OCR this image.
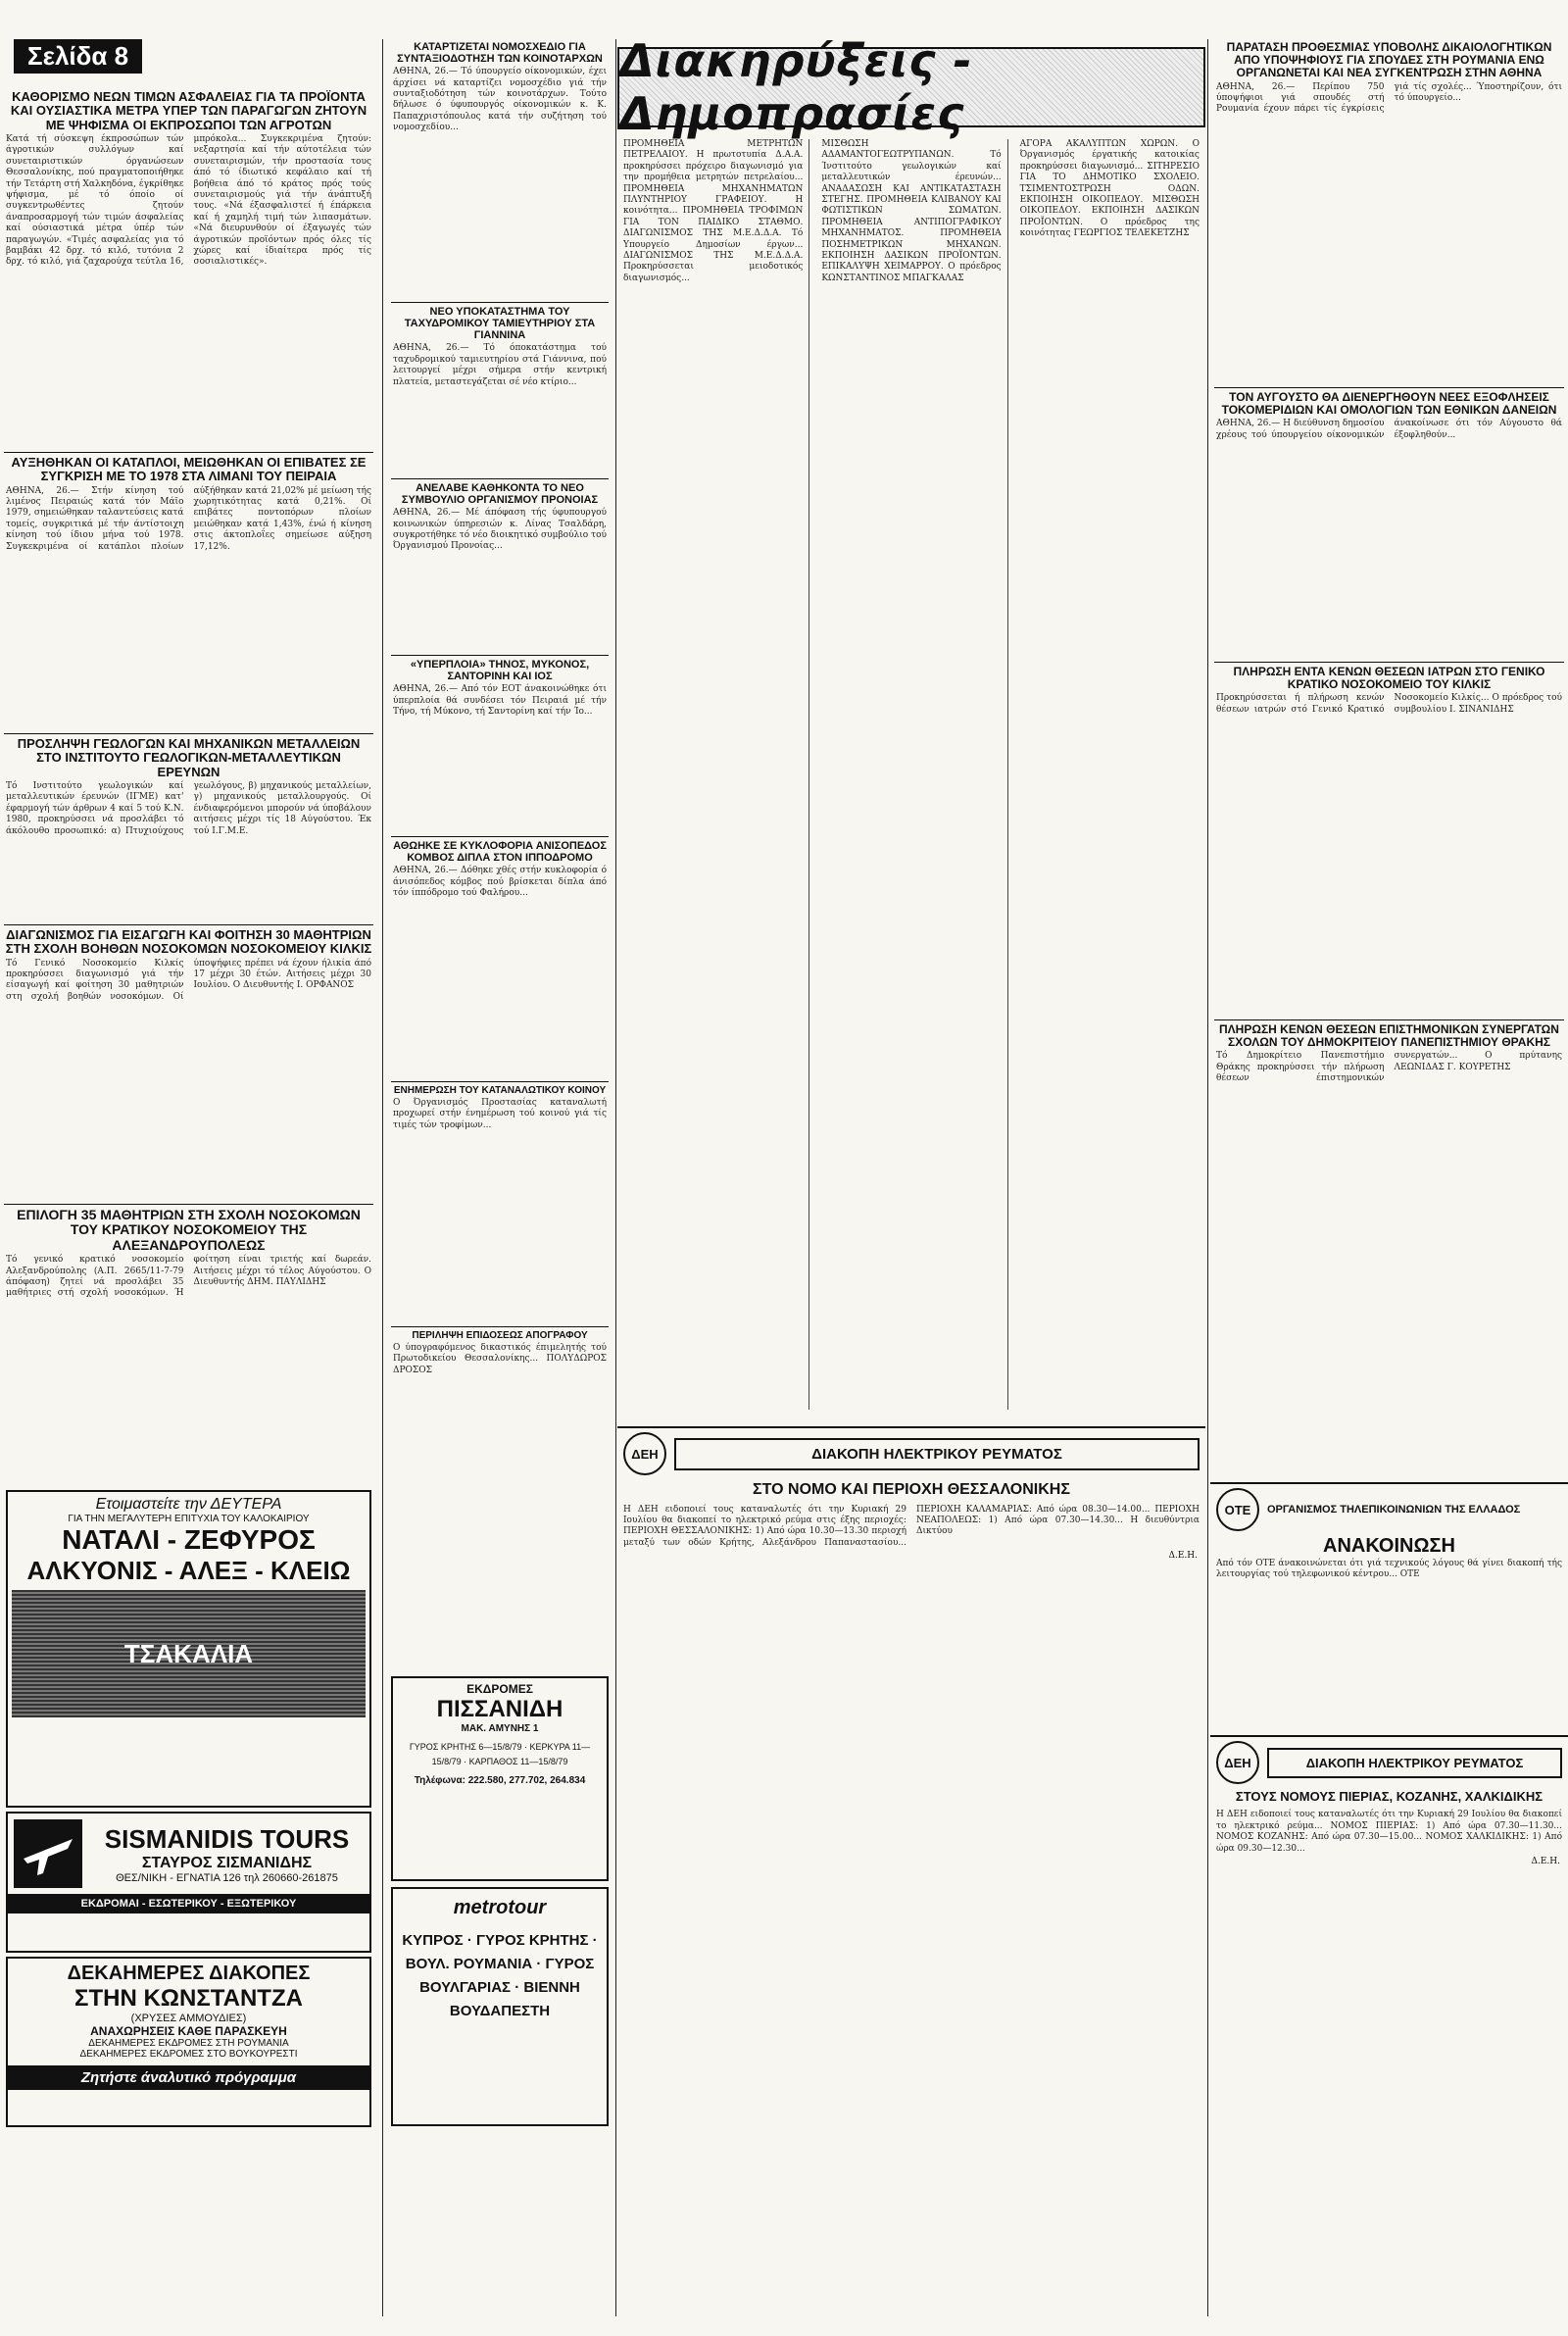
Σελίδα 8
ΚΑΘΟΡΙΣΜΟ ΝΕΩΝ ΤΙΜΩΝ ΑΣΦΑΛΕΙΑΣ ΓΙΑ ΤΑ ΠΡΟΪΟΝΤΑ ΚΑΙ ΟΥΣΙΑΣΤΙΚΑ ΜΕΤΡΑ ΥΠΕΡ ΤΩΝ ΠΑΡΑΓΩΓΩΝ ΖΗΤΟΥΝ ΜΕ ΨΗΦΙΣΜΑ ΟΙ ΕΚΠΡΟΣΩΠΟΙ ΤΩΝ ΑΓΡΟΤΩΝ
Κατά τή σύσκεψη έκπροσώπων τών άγροτικών συλλόγων καί συνεταιριστικών όργανώσεων Θεσσαλονίκης, πού πραγματοποιήθηκε τήν Τετάρτη στή Χαλκηδόνα, έγκρίθηκε ψήφισμα, μέ τό όποίο οί συγκεντρωθέντες ζητούν άναπροσαρμογή τών τιμών άσφαλείας καί ούσιαστικά μέτρα ύπέρ τών παραγωγών. «Τιμές ασφαλείας για τό βαμβάκι 42 δρχ. τό κιλό, τυτόνια 2 δρχ. τό κιλό, γιά ζαχαρούχα τεύτλα 16, μπρόκολα... Συγκεκριμένα ζητούν: νεξαρτησία καί τήν αύτοτέλεια τών συνεταιρισμών, τήν προστασία τους άπό τό ίδιωτικό κεφάλαιο καί τή βοήθεια άπό τό κράτος πρός τούς συνεταιρισμούς γιά τήν άνάπτυξή τους. «Νά έξασφαλιστεί ή έπάρκεια καί ή χαμηλή τιμή τών λιπασμάτων. «Νά διευρυνθούν οί έξαγωγές τών άγροτικών προϊόντων πρός όλες τίς χώρες καί ίδιαίτερα πρός τίς σοσιαλιστικές».
ΑΥΞΗΘΗΚΑΝ ΟΙ ΚΑΤΑΠΛΟΙ, ΜΕΙΩΘΗΚΑΝ ΟΙ ΕΠΙΒΑΤΕΣ ΣΕ ΣΥΓΚΡΙΣΗ ΜΕ ΤΟ 1978 ΣΤΑ ΛΙΜΑΝΙ ΤΟΥ ΠΕΙΡΑΙΑ
ΑΘΗΝΑ, 26.— Στήν κίνηση τού λιμένος Πειραιώς κατά τόν Μάϊο 1979, σημειώθηκαν ταλαντεύσεις κατά τομείς, συγκριτικά μέ τήν άντίστοιχη κίνηση τού ίδιου μήνα τού 1978. Συγκεκριμένα οί κατάπλοι πλοίων αύξήθηκαν κατά 21,02% μέ μείωση τής χωρητικότητας κατά 0,21%. Οί επιβάτες ποντοπόρων πλοίων μειώθηκαν κατά 1,43%, ένώ ή κίνηση στις άκτοπλοΐες σημείωσε αύξηση 17,12%.
ΠΡΟΣΛΗΨΗ ΓΕΩΛΟΓΩΝ ΚΑΙ ΜΗΧΑΝΙΚΩΝ ΜΕΤΑΛΛΕΙΩΝ ΣΤΟ ΙΝΣΤΙΤΟΥΤΟ ΓΕΩΛΟΓΙΚΩΝ-ΜΕΤΑΛΛΕΥΤΙΚΩΝ ΕΡΕΥΝΩΝ
Τό Ινστιτούτο γεωλογικών καί μεταλλευτικών έρευνών (ΙΓΜΕ) κατ' έφαρμογή τών άρθρων 4 καί 5 τού Κ.Ν. 1980, προκηρύσσει νά προσλάβει τό άκόλουθο προσωπικό: α) Πτυχιούχους γεωλόγους, β) μηχανικούς μεταλλείων, γ) μηχανικούς μεταλλουργούς. Οί ένδιαφερόμενοι μπορούν νά ύποβάλουν αιτήσεις μέχρι τίς 18 Αύγούστου. Έκ τού Ι.Γ.Μ.Ε.
ΔΙΑΓΩΝΙΣΜΟΣ ΓΙΑ ΕΙΣΑΓΩΓΗ ΚΑΙ ΦΟΙΤΗΣΗ 30 ΜΑΘΗΤΡΙΩΝ ΣΤΗ ΣΧΟΛΗ ΒΟΗΘΩΝ ΝΟΣΟΚΟΜΩΝ ΝΟΣΟΚΟΜΕΙΟΥ ΚΙΛΚΙΣ
Τό Γενικό Νοσοκομείο Κιλκίς προκηρύσσει διαγωνισμό γιά τήν είσαγωγή καί φοίτηση 30 μαθητριών στη σχολή βοηθών νοσοκόμων. Οί ύποψήφιες πρέπει νά έχουν ήλικία άπό 17 μέχρι 30 έτών. Αιτήσεις μέχρι 30 Ιουλίου. Ο Διευθυντής Ι. ΟΡΦΑΝΟΣ
ΕΠΙΛΟΓΗ 35 ΜΑΘΗΤΡΙΩΝ ΣΤΗ ΣΧΟΛΗ ΝΟΣΟΚΟΜΩΝ ΤΟΥ ΚΡΑΤΙΚΟΥ ΝΟΣΟΚΟΜΕΙΟΥ ΤΗΣ ΑΛΕΞΑΝΔΡΟΥΠΟΛΕΩΣ
Τό γενικό κρατικό νοσοκομείο Αλεξανδρούπολης (Α.Π. 2665/11-7-79 άπόφαση) ζητεί νά προσλάβει 35 μαθήτριες στή σχολή νοσοκόμων. Ή φοίτηση είναι τριετής καί δωρεάν. Αιτήσεις μέχρι τό τέλος Αύγούστου. Ο Διευθυντής ΔΗΜ. ΠΑΥΛΙΔΗΣ
Ετοιμαστείτε την ΔΕΥΤΕΡΑ
ΓΙΑ ΤΗΝ ΜΕΓΑΛΥΤΕΡΗ ΕΠΙΤΥΧΙΑ ΤΟΥ ΚΑΛΟΚΑΙΡΙΟΥ
ΝΑΤΑΛΙ - ΖΕΦΥΡΟΣ
ΑΛΚΥΟΝΙΣ - ΑΛΕΞ - ΚΛΕΙΩ
ΤΣΑΚΑΛΙΑ
SISMANIDIS TOURS
ΣΤΑΥΡΟΣ ΣΙΣΜΑΝΙΔΗΣ
ΘΕΣ/ΝΙΚΗ - ΕΓΝΑΤΙΑ 126 τηλ 260660-261875
ΕΚΔΡΟΜΑΙ - ΕΣΩΤΕΡΙΚΟΥ - ΕΞΩΤΕΡΙΚΟΥ
ΔΕΚΑΗΜΕΡΕΣ ΔΙΑΚΟΠΕΣ
ΣΤΗΝ ΚΩΝΣΤΑΝΤΖΑ
(ΧΡΥΣΕΣ ΑΜΜΟΥΔΙΕΣ)
ΑΝΑΧΩΡΗΣΕΙΣ ΚΑΘΕ ΠΑΡΑΣΚΕΥΗ
ΔΕΚΑΗΜΕΡΕΣ ΕΚΔΡΟΜΕΣ ΣΤΗ ΡΟΥΜΑΝΙΑ
ΔΕΚΑΗΜΕΡΕΣ ΕΚΔΡΟΜΕΣ ΣΤΟ ΒΟΥΚΟΥΡΕΣΤΙ
Ζητήστε άναλυτικό πρόγραμμα
ΚΑΤΑΡΤΙΖΕΤΑΙ ΝΟΜΟΣΧΕΔΙΟ ΓΙΑ ΣΥΝΤΑΞΙΟΔΟΤΗΣΗ ΤΩΝ ΚΟΙΝΟΤΑΡΧΩΝ
ΑΘΗΝΑ, 26.— Τό ύπουργείο οίκονομικών, έχει άρχίσει νά καταρτίζει νομοσχέδιο γιά τήν συνταξιοδότηση τών κοινοτάρχων. Τούτο δήλωσε ό ύφυπουργός οίκονομικών κ. Κ. Παπαχριστόπουλος κατά τήν συζήτηση τού νομοσχεδίου...
ΝΕΟ ΥΠΟΚΑΤΑΣΤΗΜΑ ΤΟΥ ΤΑΧΥΔΡΟΜΙΚΟΥ ΤΑΜΙΕΥΤΗΡΙΟΥ ΣΤΑ ΓΙΑΝΝΙΝΑ
ΑΘΗΝΑ, 26.— Τό όποκατάστημα τού ταχυδρομικού ταμιευτηρίου στά Γιάννινα, πού λειτουργεί μέχρι σήμερα στήν κεντρική πλατεία, μεταστεγάζεται σέ νέο κτίριο...
ΑΝΕΛΑΒΕ ΚΑΘΗΚΟΝΤΑ ΤΟ ΝΕΟ ΣΥΜΒΟΥΛΙΟ ΟΡΓΑΝΙΣΜΟΥ ΠΡΟΝΟΙΑΣ
ΑΘΗΝΑ, 26.— Μέ άπόφαση τής ύφυπουργού κοινωνικών ύπηρεσιών κ. Λίνας Τσαλδάρη, συγκροτήθηκε τό νέο διοικητικό συμβούλιο τού Όργανισμού Προνοίας...
«ΥΠΕΡΠΛΟΙΑ» ΤΗΝΟΣ, ΜΥΚΟΝΟΣ, ΣΑΝΤΟΡΙΝΗ ΚΑΙ ΙΟΣ
ΑΘΗΝΑ, 26.— Από τόν ΕΟΤ άνακοινώθηκε ότι ύπερπλοία θά συνδέσει τόν Πειραιά μέ τήν Τήνο, τή Μύκονο, τή Σαντορίνη καί τήν Ίο...
ΑΘΩΗΚΕ ΣΕ ΚΥΚΛΟΦΟΡΙΑ ΑΝΙΣΟΠΕΔΟΣ ΚΟΜΒΟΣ ΔΙΠΛΑ ΣΤΟΝ ΙΠΠΟΔΡΟΜΟ
ΑΘΗΝΑ, 26.— Δόθηκε χθές στήν κυκλοφορία ό άνισόπεδος κόμβος πού βρίσκεται δίπλα άπό τόν ίππόδρομο τού Φαλήρου...
ΕΝΗΜΕΡΩΣΗ ΤΟΥ ΚΑΤΑΝΑΛΩΤΙΚΟΥ ΚΟΙΝΟΥ
Ο Όργανισμός Προστασίας καταναλωτή προχωρεί στήν ένημέρωση τού κοινού γιά τίς τιμές τών τροφίμων...
ΠΕΡΙΛΗΨΗ ΕΠΙΔΟΣΕΩΣ ΑΠΟΓΡΑΦΟΥ
Ο ύπογραφόμενος δικαστικός έπιμελητής τού Πρωτοδικείου Θεσσαλονίκης... ΠΟΛΥΔΩΡΟΣ ΔΡΟΣΟΣ
ΕΚΔΡΟΜΕΣ
ΠΙΣΣΑΝΙΔΗ
ΜΑΚ. ΑΜΥΝΗΣ 1
ΓΥΡΟΣ ΚΡΗΤΗΣ 6—15/8/79 · ΚΕΡΚΥΡΑ 11—15/8/79 · ΚΑΡΠΑΘΟΣ 11—15/8/79
Τηλέφωνα: 222.580, 277.702, 264.834
metrotour
ΚΥΠΡΟΣ · ΓΥΡΟΣ ΚΡΗΤΗΣ · ΒΟΥΛ. ΡΟΥΜΑΝΙΑ · ΓΥΡΟΣ ΒΟΥΛΓΑΡΙΑΣ · ΒΙΕΝΝΗ ΒΟΥΔΑΠΕΣΤΗ
Διακηρύξεις - Δημοπρασίες
ΠΡΟΜΗΘΕΙΑ ΜΕΤΡΗΤΩΝ ΠΕΤΡΕΛΑΙΟΥ. Η πρωτοτυπία Δ.Α.Α. προκηρύσσει πρόχειρο διαγωνισμό για την προμήθεια μετρητών πετρελαίου... ΠΡΟΜΗΘΕΙΑ ΜΗΧΑΝΗΜΑΤΩΝ ΠΛΥΝΤΗΡΙΟΥ ΓΡΑΦΕΙΟΥ. Η κοινότητα... ΠΡΟΜΗΘΕΙΑ ΤΡΟΦΙΜΩΝ ΓΙΑ ΤΟΝ ΠΑΙΔΙΚΟ ΣΤΑΘΜΟ. ΔΙΑΓΩΝΙΣΜΟΣ ΤΗΣ Μ.Ε.Δ.Δ.Α. Τό Υπουργείο Δημοσίων έργων... ΔΙΑΓΩΝΙΣΜΟΣ ΤΗΣ Μ.Ε.Δ.Δ.Α. Προκηρύσσεται μειοδοτικός διαγωνισμός...
ΜΙΣΘΩΣΗ ΑΔΑΜΑΝΤΟΓΕΩΤΡΥΠΑΝΩΝ. Τό Ίνστιτούτο γεωλογικών καί μεταλλευτικών έρευνών... ΑΝΑΔΑΣΩΣΗ ΚΑΙ ΑΝΤΙΚΑΤΑΣΤΑΣΗ ΣΤΕΓΗΣ. ΠΡΟΜΗΘΕΙΑ ΚΛΙΒΑΝΟΥ ΚΑΙ ΦΩΤΙΣΤΙΚΩΝ ΣΩΜΑΤΩΝ. ΠΡΟΜΗΘΕΙΑ ΑΝΤΙΠΟΓΡΑΦΙΚΟΥ ΜΗΧΑΝΗΜΑΤΟΣ. ΠΡΟΜΗΘΕΙΑ ΠΟΣΗΜΕΤΡΙΚΩΝ ΜΗΧΑΝΩΝ. ΕΚΠΟΙΗΣΗ ΔΑΣΙΚΩΝ ΠΡΟΪΟΝΤΩΝ. ΕΠΙΚΑΛΥΨΗ ΧΕΙΜΑΡΡΟΥ. Ο πρόεδρος ΚΩΝΣΤΑΝΤΙΝΟΣ ΜΠΑΓΚΑΛΑΣ
ΑΓΟΡΑ ΑΚΑΛΥΠΤΩΝ ΧΩΡΩΝ. Ο Όργανισμός έργατικής κατοικίας προκηρύσσει διαγωνισμό... ΣΙΤΗΡΕΣΙΟ ΓΙΑ ΤΟ ΔΗΜΟΤΙΚΟ ΣΧΟΛΕΙΟ. ΤΣΙΜΕΝΤΟΣΤΡΩΣΗ ΟΔΩΝ. ΕΚΠΟΙΗΣΗ ΟΙΚΟΠΕΔΟΥ. ΜΙΣΘΩΣΗ ΟΙΚΟΠΕΔΟΥ. ΕΚΠΟΙΗΣΗ ΔΑΣΙΚΩΝ ΠΡΟΪΟΝΤΩΝ. Ο πρόεδρος της κοινότητας ΓΕΩΡΓΙΟΣ ΤΕΛΕΚΕΤΖΗΣ
ΔΕΗ	ΔΙΑΚΟΠΗ ΗΛΕΚΤΡΙΚΟΥ ΡΕΥΜΑΤΟΣ
ΣΤΟ ΝΟΜΟ ΚΑΙ ΠΕΡΙΟΧΗ ΘΕΣΣΑΛΟΝΙΚΗΣ
Η ΔΕΗ ειδοποιεί τους καταναλωτές ότι την Κυριακή 29 Ιουλίου θα διακοπεί το ηλεκτρικό ρεύμα στις έξης περιοχές: ΠΕΡΙΟΧΗ ΘΕΣΣΑΛΟΝΙΚΗΣ: 1) Από ώρα 10.30—13.30 περιοχή μεταξύ των οδών Κρήτης, Αλεξάνδρου Παπαναστασίου... ΠΕΡΙΟΧΗ ΚΑΛΑΜΑΡΙΑΣ: Από ώρα 08.30—14.00... ΠΕΡΙΟΧΗ ΝΕΑΠΟΛΕΩΣ: 1) Από ώρα 07.30—14.30... Η διευθύντρια Δικτύου
Δ.Ε.Η.
ΠΑΡΑΤΑΣΗ ΠΡΟΘΕΣΜΙΑΣ ΥΠΟΒΟΛΗΣ ΔΙΚΑΙΟΛΟΓΗΤΙΚΩΝ ΑΠΟ ΥΠΟΨΗΦΙΟΥΣ ΓΙΑ ΣΠΟΥΔΕΣ ΣΤΗ ΡΟΥΜΑΝΙΑ ΕΝΩ ΟΡΓΑΝΩΝΕΤΑΙ ΚΑΙ ΝΕΑ ΣΥΓΚΕΝΤΡΩΣΗ ΣΤΗΝ ΑΘΗΝΑ
ΑΘΗΝΑ, 26.— Περίπου 750 ύποψήφιοι γιά σπουδές στή Ρουμανία έχουν πάρει τίς έγκρίσεις γιά τίς σχολές... Ύποστηρίζουν, ότι τό ύπουργείο...
ΤΟΝ ΑΥΓΟΥΣΤΟ ΘΑ ΔΙΕΝΕΡΓΗΘΟΥΝ ΝΕΕΣ ΕΞΟΦΛΗΣΕΙΣ ΤΟΚΟΜΕΡΙΔΙΩΝ ΚΑΙ ΟΜΟΛΟΓΙΩΝ ΤΩΝ ΕΘΝΙΚΩΝ ΔΑΝΕΙΩΝ
ΑΘΗΝΑ, 26.— Η διεύθυνση δημοσίου χρέους τού ύπουργείου οίκονομικών άνακοίνωσε ότι τόν Αύγουστο θά έξοφληθούν...
ΠΛΗΡΩΣΗ ΕΝΤΑ ΚΕΝΩΝ ΘΕΣΕΩΝ ΙΑΤΡΩΝ ΣΤΟ ΓΕΝΙΚΟ ΚΡΑΤΙΚΟ ΝΟΣΟΚΟΜΕΙΟ ΤΟΥ ΚΙΛΚΙΣ
Προκηρύσσεται ή πλήρωση κενών θέσεων ιατρών στό Γενικό Κρατικό Νοσοκομείο Κιλκίς... Ο πρόεδρος τού συμβουλίου Ι. ΣΙΝΑΝΙΔΗΣ
ΠΛΗΡΩΣΗ ΚΕΝΩΝ ΘΕΣΕΩΝ ΕΠΙΣΤΗΜΟΝΙΚΩΝ ΣΥΝΕΡΓΑΤΩΝ ΣΧΟΛΩΝ ΤΟΥ ΔΗΜΟΚΡΙΤΕΙΟΥ ΠΑΝΕΠΙΣΤΗΜΙΟΥ ΘΡΑΚΗΣ
Τό Δημοκρίτειο Πανεπιστήμιο Θράκης προκηρύσσει τήν πλήρωση θέσεων έπιστημονικών συνεργατών... Ο πρύτανης ΛΕΩΝΙΔΑΣ Γ. ΚΟΥΡΕΤΗΣ
ΟΤΕ	ΟΡΓΑΝΙΣΜΟΣ ΤΗΛΕΠΙΚΟΙΝΩΝΙΩΝ ΤΗΣ ΕΛΛΑΔΟΣ
ΑΝΑΚΟΙΝΩΣΗ
Από τόν ΟΤΕ άνακοινώνεται ότι γιά τεχνικούς λόγους θά γίνει διακοπή τής λειτουργίας τού τηλεφωνικού κέντρου... ΟΤΕ
ΔΕΗ	ΔΙΑΚΟΠΗ ΗΛΕΚΤΡΙΚΟΥ ΡΕΥΜΑΤΟΣ
ΣΤΟΥΣ ΝΟΜΟΥΣ ΠΙΕΡΙΑΣ, ΚΟΖΑΝΗΣ, ΧΑΛΚΙΔΙΚΗΣ
Η ΔΕΗ ειδοποιεί τους καταναλωτές ότι την Κυριακή 29 Ιουλίου θα διακοπεί το ηλεκτρικό ρεύμα... ΝΟΜΟΣ ΠΙΕΡΙΑΣ: 1) Από ώρα 07.30—11.30... ΝΟΜΟΣ ΚΟΖΑΝΗΣ: Από ώρα 07.30—15.00... ΝΟΜΟΣ ΧΑΛΚΙΔΙΚΗΣ: 1) Από ώρα 09.30—12.30...
Δ.Ε.Η.
